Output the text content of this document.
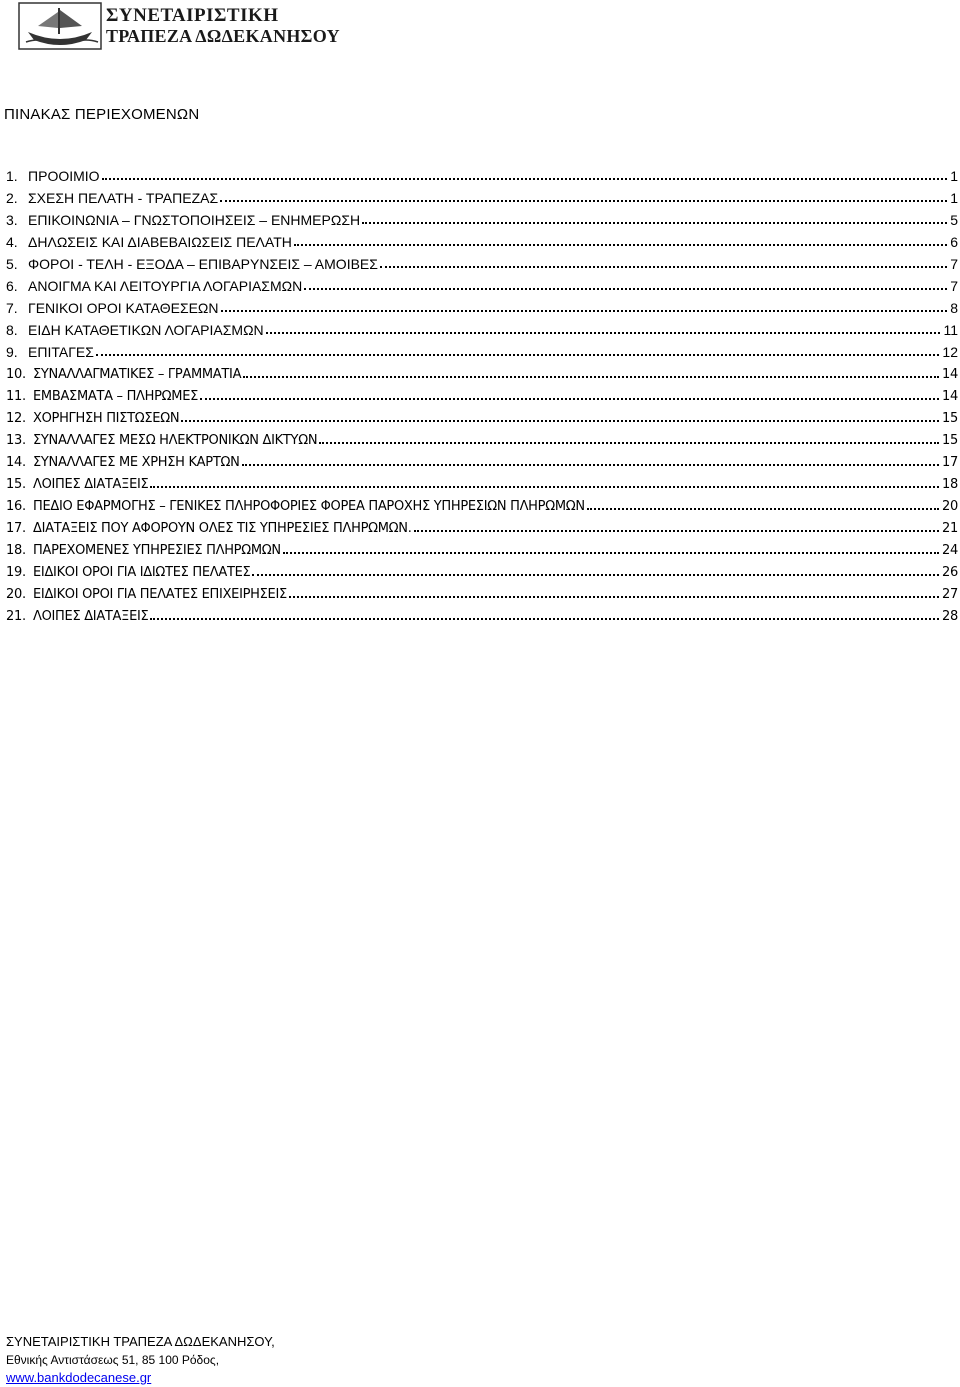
ΣΥΝΕΤΑΙΡΙΣΤΙΚΗ
ΤΡΑΠΕΖΑ ΔΩΔΕΚΑΝΗΣΟΥ
ΠΙΝΑΚΑΣ ΠΕΡΙΕΧΟΜΕΝΩΝ
1. ΠΡΟΟΙΜΙΟ	1
2. ΣΧΕΣΗ ΠΕΛΑΤΗ - ΤΡΑΠΕΖΑΣ	1
3. ΕΠΙΚΟΙΝΩΝΙΑ – ΓΝΩΣΤΟΠΟΙΗΣΕΙΣ – ΕΝΗΜΕΡΩΣΗ	5
4. ΔΗΛΩΣΕΙΣ ΚΑΙ ΔΙΑΒΕΒΑΙΩΣΕΙΣ ΠΕΛΑΤΗ	6
5. ΦΟΡΟΙ - ΤΕΛΗ - ΕΞΟΔΑ – ΕΠΙΒΑΡΥΝΣΕΙΣ – ΑΜΟΙΒΕΣ	7
6. ΑΝΟΙΓΜΑ ΚΑΙ ΛΕΙΤΟΥΡΓΙΑ ΛΟΓΑΡΙΑΣΜΩΝ	7
7. ΓΕΝΙΚΟΙ ΟΡΟΙ ΚΑΤΑΘΕΣΕΩΝ	8
8. ΕΙΔΗ ΚΑΤΑΘΕΤΙΚΩΝ ΛΟΓΑΡΙΑΣΜΩΝ	11
9. ΕΠΙΤΑΓΕΣ	12
10. ΣΥΝΑΛΛΑΓΜΑΤΙΚΕΣ – ΓΡΑΜΜΑΤΙΑ	14
11. ΕΜΒΑΣΜΑΤΑ – ΠΛΗΡΩΜΕΣ	14
12. ΧΟΡΗΓΗΣΗ ΠΙΣΤΩΣΕΩΝ	15
13. ΣΥΝΑΛΛΑΓΕΣ ΜΕΣΩ ΗΛΕΚΤΡΟΝΙΚΩΝ ΔΙΚΤΥΩΝ	15
14. ΣΥΝΑΛΛΑΓΕΣ ΜΕ ΧΡΗΣΗ ΚΑΡΤΩΝ	17
15. ΛΟΙΠΕΣ ΔΙΑΤΑΞΕΙΣ	18
16. ΠΕΔΙΟ ΕΦΑΡΜΟΓΗΣ – ΓΕΝΙΚΕΣ ΠΛΗΡΟΦΟΡΙΕΣ ΦΟΡΕΑ ΠΑΡΟΧΗΣ ΥΠΗΡΕΣΙΩΝ ΠΛΗΡΩΜΩΝ	20
17. ΔΙΑΤΑΞΕΙΣ ΠΟΥ ΑΦΟΡΟΥΝ ΟΛΕΣ ΤΙΣ ΥΠΗΡΕΣΙΕΣ ΠΛΗΡΩΜΩΝ.	21
18. ΠΑΡΕΧΟΜΕΝΕΣ ΥΠΗΡΕΣΙΕΣ ΠΛΗΡΩΜΩΝ	24
19. ΕΙΔΙΚΟΙ ΟΡΟΙ ΓΙΑ ΙΔΙΩΤΕΣ ΠΕΛΑΤΕΣ	26
20. ΕΙΔΙΚΟΙ ΟΡΟΙ ΓΙΑ ΠΕΛΑΤΕΣ ΕΠΙΧΕΙΡΗΣΕΙΣ	27
21. ΛΟΙΠΕΣ ΔΙΑΤΑΞΕΙΣ	28
ΣΥΝΕΤΑΙΡΙΣΤΙΚΗ ΤΡΑΠΕΖΑ ΔΩΔΕΚΑΝΗΣΟΥ,
Εθνικής Αντιστάσεως 51, 85 100 Ρόδος,
www.bankdodecanese.gr
